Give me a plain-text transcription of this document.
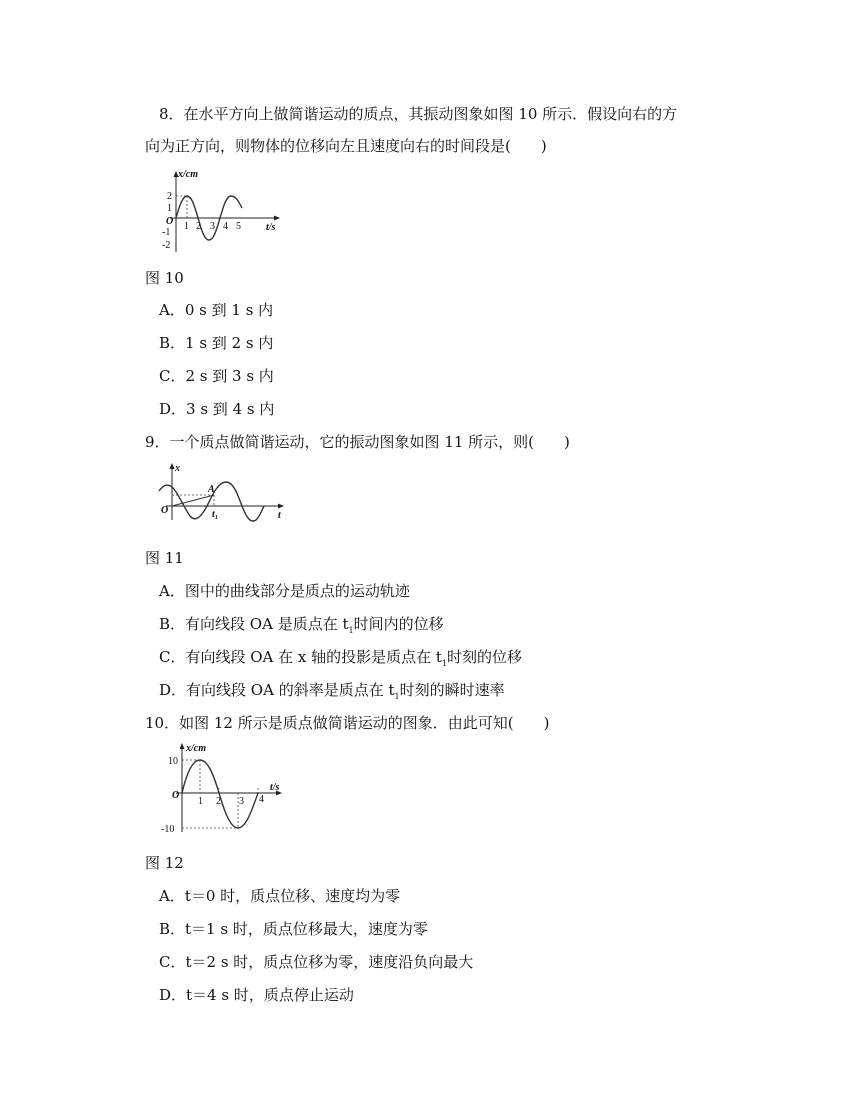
8．在水平方向上做简谐运动的质点，其振动图象如图 10 所示．假设向右的方
向为正方向，则物体的位移向左且速度向右的时间段是(　　)
x/cm
t/s
O
2
1
-1
-2
1 2 3 4 5
图 10
A．0 s 到 1 s 内
B．1 s 到 2 s 内
C．2 s 到 3 s 内
D．3 s 到 4 s 内
9．一个质点做简谐运动，它的振动图象如图 11 所示，则(　　)
x
t
O
A
t₁
图 11
A．图中的曲线部分是质点的运动轨迹
B．有向线段 OA 是质点在 $t_1$时间内的位移
C．有向线段 OA 在 x 轴的投影是质点在 $t_1$时刻的位移
D．有向线段 OA 的斜率是质点在 $t_1$时刻的瞬时速率
10．如图 12 所示是质点做简谐运动的图象．由此可知(　　)
x/cm
t/s
O
10
-10
1 2 3 4
图 12
A．t＝0 时，质点位移、速度均为零
B．t＝1 s 时，质点位移最大，速度为零
C．t＝2 s 时，质点位移为零，速度沿负向最大
D．t＝4 s 时，质点停止运动
